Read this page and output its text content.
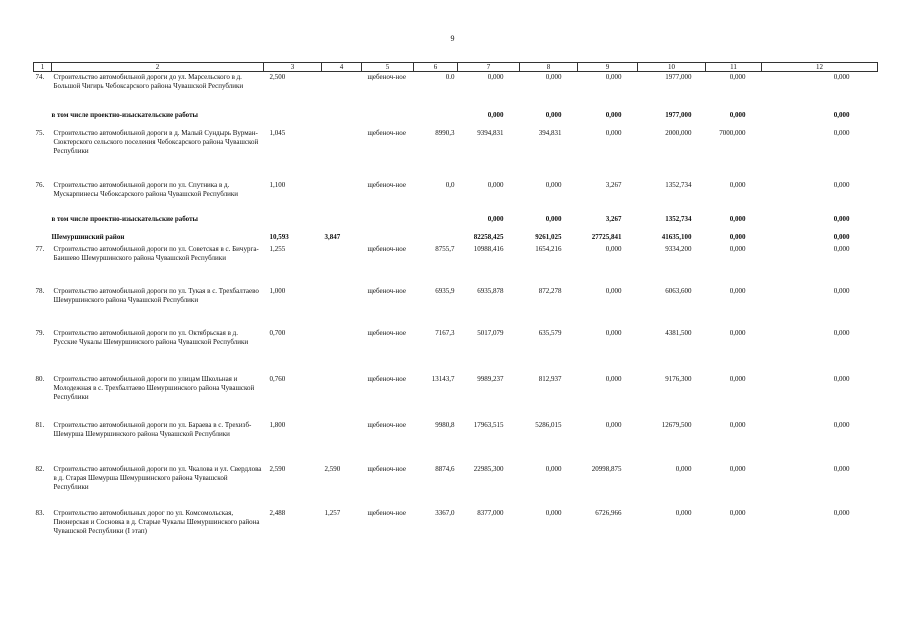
9
1	2	3	4	5	6	7	8	9	10	11	12
74.	Строительство автомобильной дороги до ул. Марсельского в д. Большой Чигирь Чебоксарского района Чувашской Республики	2,500		щебеноч-ное	0.0	0,000	0,000	0,000	1977,000	0,000	0,000
	в том числе проектно-изыскательские работы					0,000	0,000	0,000	1977,000	0,000	0,000
75.	Строительство автомобильной дороги в д. Малый Сундырь Вурман-Сюктерского сельского поселения Чебоксарского района Чувашской Республики	1,045		щебеноч-ное	8990,3	9394,831	394,831	0,000	2000,000	7000,000	0,000
76.	Строительство автомобильной дороги по ул. Спутника в д. Мускарпинесы Чебоксарского района Чувашской Республики	1,100		щебеноч-ное	0,0	0,000	0,000	3,267	1352,734	0,000	0,000
	в том числе проектно-изыскательские работы					0,000	0,000	3,267	1352,734	0,000	0,000
	Шемуршинский район	10,593	3,847			82258,425	9261,025	27725,841	41635,100	0,000	0,000
77.	Строительство автомобильной дороги по ул. Советская в с. Бичурга-Баишево Шемуршинского района Чувашской Республики	1,255		щебеноч-ное	8755,7	10988,416	1654,216	0,000	9334,200	0,000	0,000
78.	Строительство автомобильной дороги по ул. Тукая в с. Трехбалтаево Шемуршинского района Чувашской Республики	1,000		щебеноч-ное	6935,9	6935,878	872,278	0,000	6063,600	0,000	0,000
79.	Строительство автомобильной дороги по ул. Октябрьская в д. Русские Чукалы Шемуршинского района Чувашской Республики	0,700		щебеноч-ное	7167,3	5017,079	635,579	0,000	4381,500	0,000	0,000
80.	Строительство автомобильной дороги по улицам Школьная и Молодежная в с. Трехбалтаево Шемуршинского района Чувашской Республики	0,760		щебеноч-ное	13143,7	9989,237	812,937	0,000	9176,300	0,000	0,000
81.	Строительство автомобильной дороги по ул. Бараева в с. Трехизб-Шемурша Шемуршинского района Чувашской Республики	1,800		щебеноч-ное	9980,8	17963,515	5286,015	0,000	12679,500	0,000	0,000
82.	Строительство автомобильной дороги по ул. Чкалова и ул. Свердлова в д. Старая Шемурша Шемуршинского района Чувашской Республики	2,590	2,590	щебеноч-ное	8874,6	22985,300	0,000	20998,875	0,000	0,000	0,000
83.	Строительство автомобильных дорог по ул. Комсомольская, Пионерская и Сосновка в д. Старые Чукалы Шемуршинского района Чувашской Республики (I этап)	2,488	1,257	щебеноч-ное	3367,0	8377,000	0,000	6726,966	0,000	0,000	0,000
